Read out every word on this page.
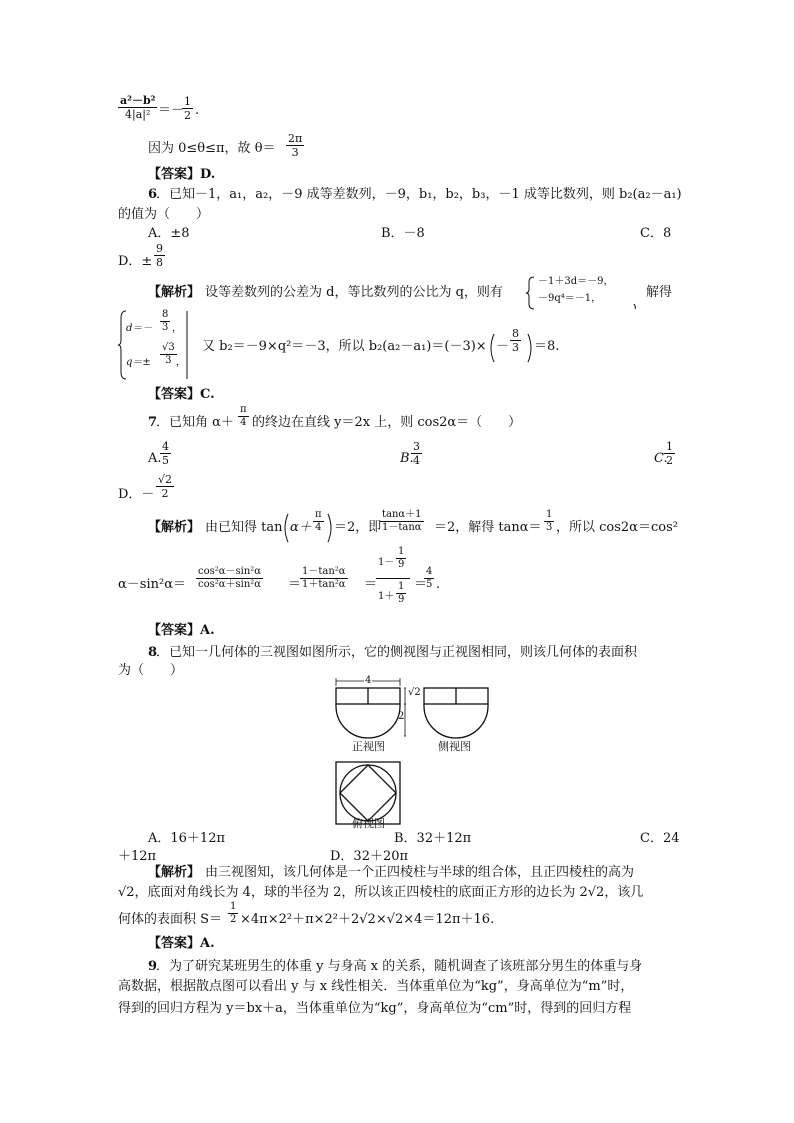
$\frac{\text{a²－b²}}{\text{4|a|²}}$ ＝－
$\frac{1}{2}$ .
因为 0≤θ≤π，故 $\theta= \frac{2\pi}{3}$
【答案】D.
6
．已知－1，a₁，a₂，－9 成等差数列，－9，b₁，b₂，b₃，－1 成等比数列，则 b₂(a₂－a₁)
的值为（　　）
A．±8	B．－8	C．8
D．± $\frac{9}{8}$
【解析】 设等差数列的公差为 d，等比数列的公比为 q，则有
－1＋3d＝－9，
－9q⁴＝－1，	解得
$d=- \frac{8}{3}$ ，
$q=\pm \frac{√3}{3}$ ，
又 b₂＝－9×q²＝－3，所以 $b_2(a_2-a_1)=(-3)\times - \frac{8}{3} =8$.
【答案】C.
7
．已知角 $\alpha+ \frac{\pi}{4}$ 的终边在直线 y＝2x 上，则 cos2α＝（　　）
A.
$\frac{4}{5}$	B.
$\frac{3}{4}$	C.
$\frac{1}{2}$
D．－ $\frac{√2}{2}$
【解析】 由已知得 $\tan \alpha+ \frac{\pi}{4} =2$，即
$\frac{\tan\alpha+1}{1-\tan\alpha} =2$，解得 $\tan\alpha= \frac{1}{3}$ ，所以 cos2α＝cos²
$\alpha-\sin^2\alpha= \frac{\text{cos²α－sin²α}}{\text{cos²α＋sin²α}}$ ＝
$\frac{\text{1－tan²α}}{\text{1＋tan²α}}$ ＝
$1- \frac{1}{9}$
$1+ \frac{1}{9}$ ＝
$\frac{4}{5}$ .
【答案】A.
8
．已知一几何体的三视图如图所示，它的侧视图与正视图相同，则该几何体的表面积
为（　　）
4
√2
2
正视图	侧视图
俯视图
A．16＋12π	B．32＋12π	C．24
＋12π	D．32＋20π
【解析】 由三视图知，该几何体是一个正四棱柱与半球的组合体，且正四棱柱的高为
√2，底面对角线长为 4，球的半径为 2，所以该正四棱柱的底面正方形的边长为 2√2，该几
何体的表面积 $S= \frac{1}{2} \times 4\pi\times 2^2+\pi\times 2^2+2√2\times√2\times 4=12\pi+16$.
【答案】A.
9
．为了研究某班男生的体重 y 与身高 x 的关系，随机调查了该班部分男生的体重与身
高数据，根据散点图可以看出 y 与 x 线性相关．当体重单位为“kg”，身高单位为“m”时，
得到的回归方程为 y＝bx＋a，当体重单位为“kg”，身高单位为“cm”时，得到的回归方程
